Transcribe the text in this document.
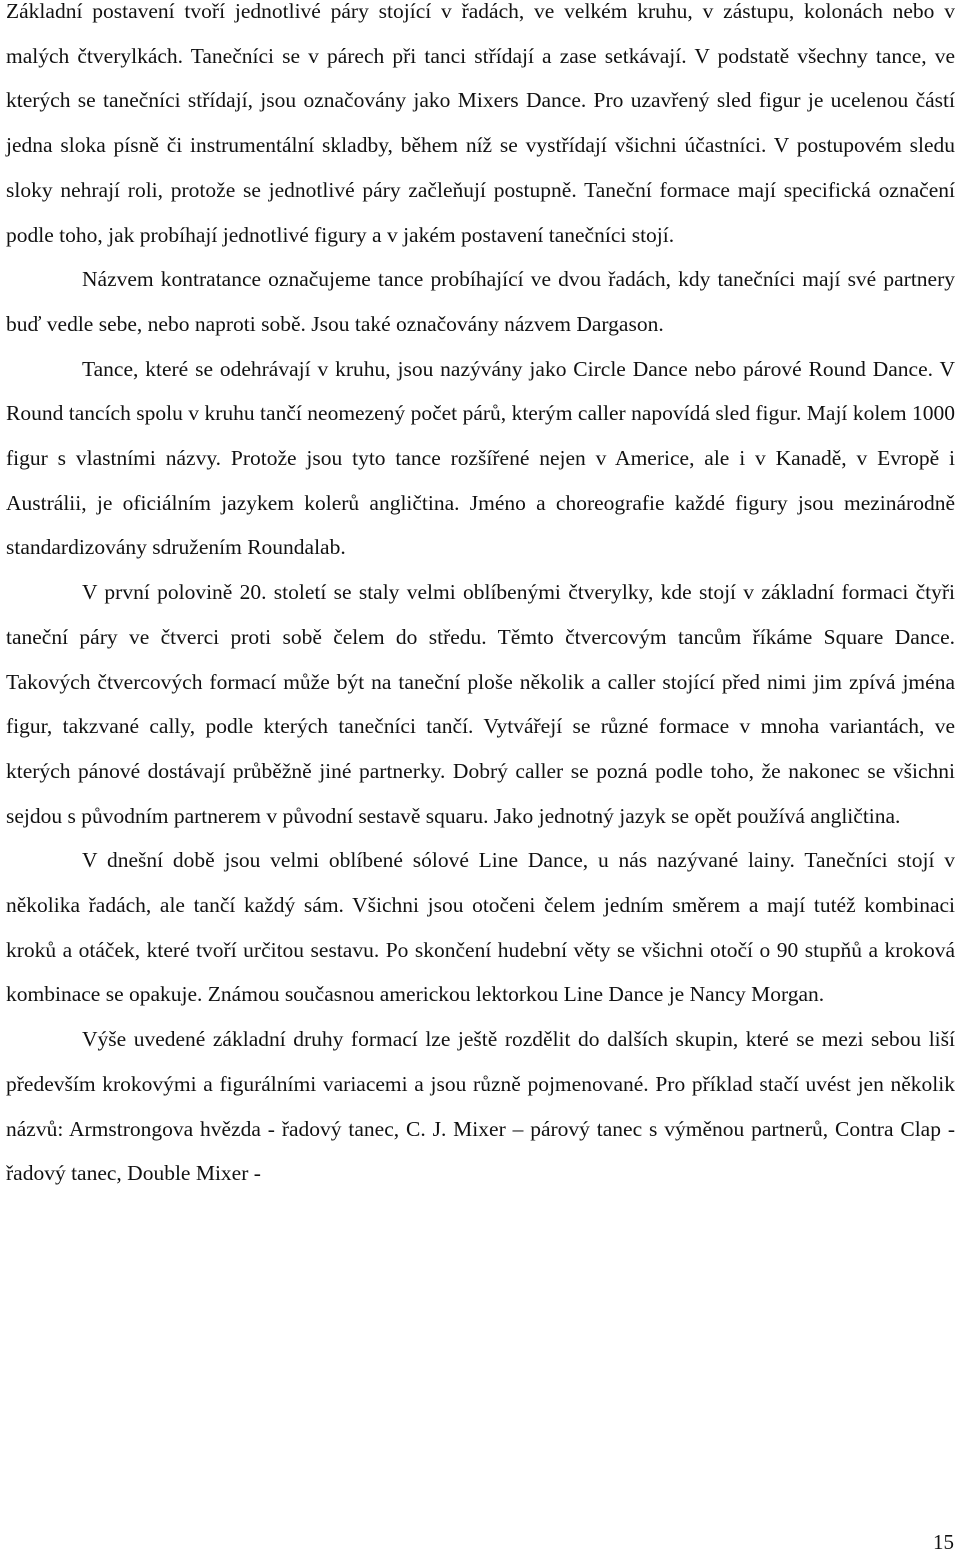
Základní postavení tvoří jednotlivé páry stojící v řadách, ve velkém kruhu, v zástupu, kolonách nebo v malých čtverylkách. Tanečníci se v párech při tanci střídají a zase setkávají. V podstatě všechny tance, ve kterých se tanečníci střídají, jsou označovány jako Mixers Dance. Pro uzavřený sled figur je ucelenou částí jedna sloka písně či instrumentální skladby, během níž se vystřídají všichni účastníci. V postupovém sledu sloky nehrají roli, protože se jednotlivé páry začleňují postupně. Taneční formace mají specifická označení podle toho, jak probíhají jednotlivé figury a v jakém postavení tanečníci stojí.

Názvem kontratance označujeme tance probíhající ve dvou řadách, kdy tanečníci mají své partnery buď vedle sebe, nebo naproti sobě. Jsou také označovány názvem Dargason.

Tance, které se odehrávají v kruhu, jsou nazývány jako Circle Dance nebo párové Round Dance. V Round tancích spolu v kruhu tančí neomezený počet párů, kterým caller napovídá sled figur. Mají kolem 1000 figur s vlastními názvy. Protože jsou tyto tance rozšířené nejen v Americe, ale i v Kanadě, v Evropě i Austrálii, je oficiálním jazykem kolerů angličtina. Jméno a choreografie každé figury jsou mezinárodně standardizovány sdružením Roundalab.

V první polovině 20. století se staly velmi oblíbenými čtverylky, kde stojí v základní formaci čtyři taneční páry ve čtverci proti sobě čelem do středu. Těmto čtvercovým tancům říkáme Square Dance. Takových čtvercových formací může být na taneční ploše několik a caller stojící před nimi jim zpívá jména figur, takzvané cally, podle kterých tanečníci tančí. Vytvářejí se různé formace v mnoha variantách, ve kterých pánové dostávají průběžně jiné partnerky. Dobrý caller se pozná podle toho, že nakonec se všichni sejdou s původním partnerem v původní sestavě squaru. Jako jednotný jazyk se opět používá angličtina.

V dnešní době jsou velmi oblíbené sólové Line Dance, u nás nazývané lainy. Tanečníci stojí v několika řadách, ale tančí každý sám. Všichni jsou otočeni čelem jedním směrem a mají tutéž kombinaci kroků a otáček, které tvoří určitou sestavu. Po skončení hudební věty se všichni otočí o 90 stupňů a kroková kombinace se opakuje. Známou současnou americkou lektorkou Line Dance je Nancy Morgan.

Výše uvedené základní druhy formací lze ještě rozdělit do dalších skupin, které se mezi sebou liší především krokovými a figurálními variacemi a jsou různě pojmenované. Pro příklad stačí uvést jen několik názvů: Armstrongova hvězda - řadový tanec, C. J. Mixer – párový tanec s výměnou partnerů, Contra Clap - řadový tanec, Double Mixer -

15
